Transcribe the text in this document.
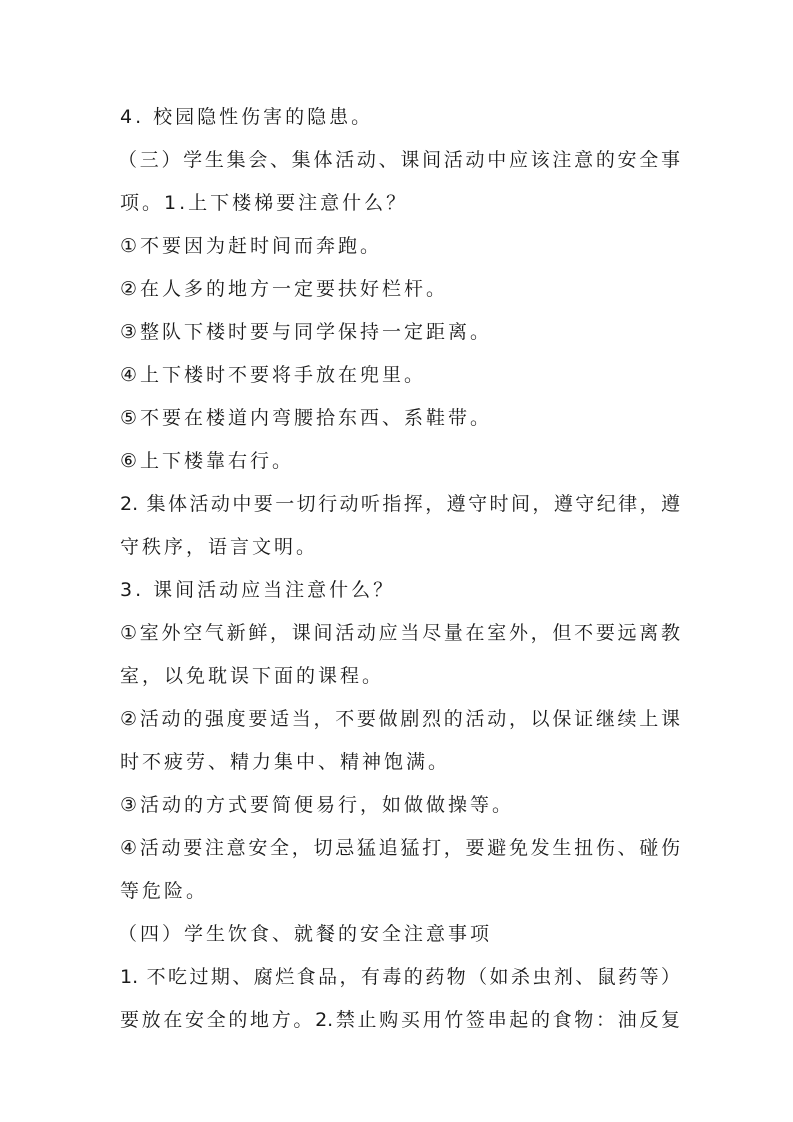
4. 校园隐性伤害的隐患。
（三）学生集会、集体活动、课间活动中应该注意的安全事
项。1.上下楼梯要注意什么？
①不要因为赶时间而奔跑。
②在人多的地方一定要扶好栏杆。
③整队下楼时要与同学保持一定距离。
④上下楼时不要将手放在兜里。
⑤不要在楼道内弯腰拾东西、系鞋带。
⑥上下楼靠右行。
2. 集体活动中要一切行动听指挥，遵守时间，遵守纪律，遵
守秩序，语言文明。
3. 课间活动应当注意什么？
①室外空气新鲜，课间活动应当尽量在室外，但不要远离教
室，以免耽误下面的课程。
②活动的强度要适当，不要做剧烈的活动，以保证继续上课
时不疲劳、精力集中、精神饱满。
③活动的方式要简便易行，如做做操等。
④活动要注意安全，切忌猛追猛打，要避免发生扭伤、碰伤
等危险。
（四）学生饮食、就餐的安全注意事项
1. 不吃过期、腐烂食品，有毒的药物（如杀虫剂、鼠药等）
要放在安全的地方。2.禁止购买用竹签串起的食物：油反复
